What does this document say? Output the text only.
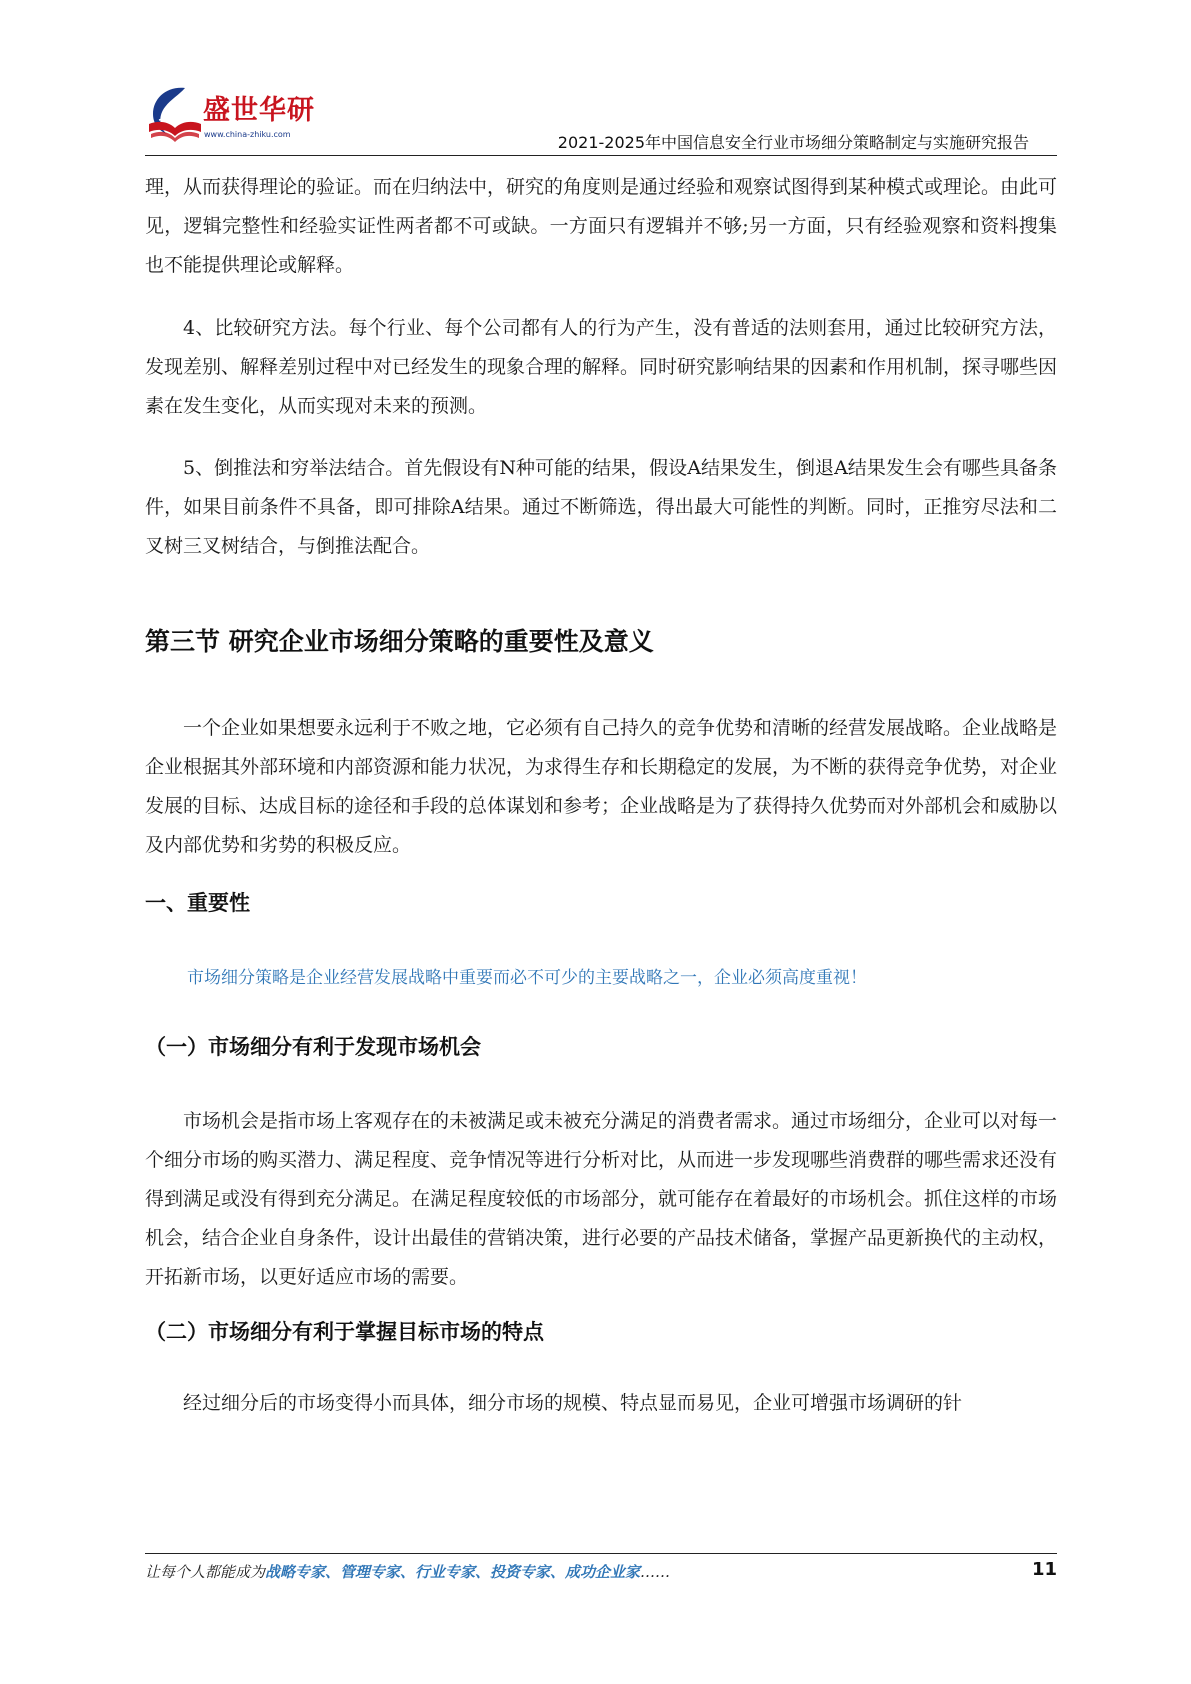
盛世华研
www.china-zhiku.com	2021-2025年中国信息安全行业市场细分策略制定与实施研究报告

理，从而获得理论的验证。而在归纳法中，研究的角度则是通过经验和观察试图得到某种模式或理论。由此可见，逻辑完整性和经验实证性两者都不可或缺。一方面只有逻辑并不够;另一方面，只有经验观察和资料搜集也不能提供理论或解释。

4、比较研究方法。每个行业、每个公司都有人的行为产生，没有普适的法则套用，通过比较研究方法，发现差别、解释差别过程中对已经发生的现象合理的解释。同时研究影响结果的因素和作用机制，探寻哪些因素在发生变化，从而实现对未来的预测。

5、倒推法和穷举法结合。首先假设有N种可能的结果，假设A结果发生，倒退A结果发生会有哪些具备条件，如果目前条件不具备，即可排除A结果。通过不断筛选，得出最大可能性的判断。同时，正推穷尽法和二叉树三叉树结合，与倒推法配合。

第三节 研究企业市场细分策略的重要性及意义

一个企业如果想要永远利于不败之地，它必须有自己持久的竞争优势和清晰的经营发展战略。企业战略是企业根据其外部环境和内部资源和能力状况，为求得生存和长期稳定的发展，为不断的获得竞争优势，对企业发展的目标、达成目标的途径和手段的总体谋划和参考；企业战略是为了获得持久优势而对外部机会和威胁以及内部优势和劣势的积极反应。

一、重要性

市场细分策略是企业经营发展战略中重要而必不可少的主要战略之一，企业必须高度重视！

（一）市场细分有利于发现市场机会

市场机会是指市场上客观存在的未被满足或未被充分满足的消费者需求。通过市场细分，企业可以对每一个细分市场的购买潜力、满足程度、竞争情况等进行分析对比，从而进一步发现哪些消费群的哪些需求还没有得到满足或没有得到充分满足。在满足程度较低的市场部分，就可能存在着最好的市场机会。抓住这样的市场机会，结合企业自身条件，设计出最佳的营销决策，进行必要的产品技术储备，掌握产品更新换代的主动权，开拓新市场，以更好适应市场的需要。

（二）市场细分有利于掌握目标市场的特点

经过细分后的市场变得小而具体，细分市场的规模、特点显而易见，企业可增强市场调研的针

让每个人都能成为战略专家、管理专家、行业专家、投资专家、成功企业家……	11
